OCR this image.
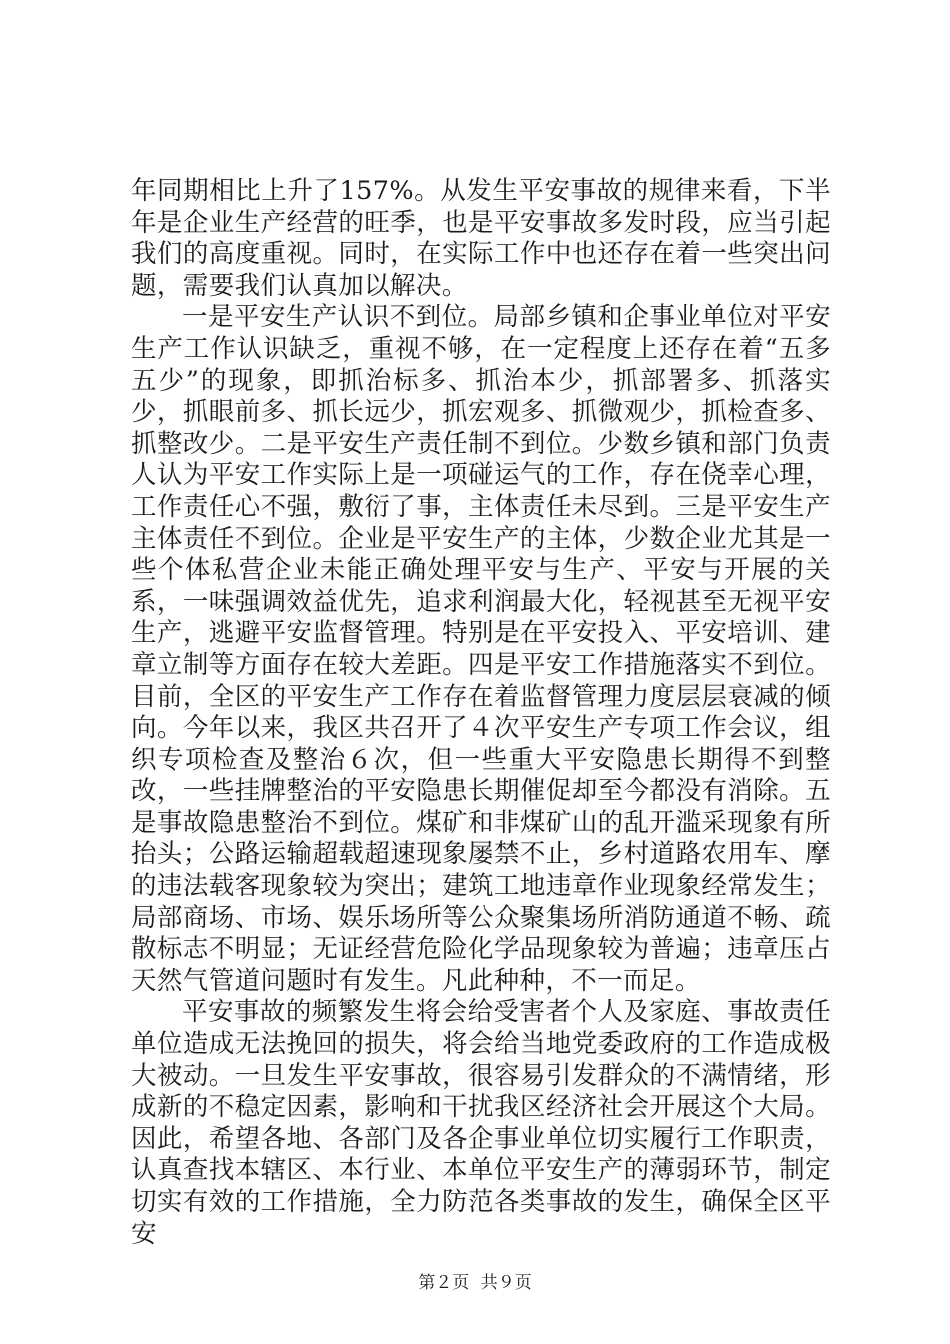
年同期相比上升了157%。从发生平安事故的规律来看，下半年是企业生产经营的旺季，也是平安事故多发时段，应当引起我们的高度重视。同时，在实际工作中也还存在着一些突出问题，需要我们认真加以解决。

一是平安生产认识不到位。局部乡镇和企事业单位对平安生产工作认识缺乏，重视不够，在一定程度上还存在着“五多五少”的现象，即抓治标多、抓治本少，抓部署多、抓落实少，抓眼前多、抓长远少，抓宏观多、抓微观少，抓检查多、抓整改少。二是平安生产责任制不到位。少数乡镇和部门负责人认为平安工作实际上是一项碰运气的工作，存在侥幸心理，工作责任心不强，敷衍了事，主体责任未尽到。三是平安生产主体责任不到位。企业是平安生产的主体，少数企业尤其是一些个体私营企业未能正确处理平安与生产、平安与开展的关系，一味强调效益优先，追求利润最大化，轻视甚至无视平安生产，逃避平安监督管理。特别是在平安投入、平安培训、建章立制等方面存在较大差距。四是平安工作措施落实不到位。目前，全区的平安生产工作存在着监督管理力度层层衰减的倾向。今年以来，我区共召开了４次平安生产专项工作会议，组织专项检查及整治６次，但一些重大平安隐患长期得不到整改，一些挂牌整治的平安隐患长期催促却至今都没有消除。五是事故隐患整治不到位。煤矿和非煤矿山的乱开滥采现象有所抬头；公路运输超载超速现象屡禁不止，乡村道路农用车、摩的违法载客现象较为突出；建筑工地违章作业现象经常发生；局部商场、市场、娱乐场所等公众聚集场所消防通道不畅、疏散标志不明显；无证经营危险化学品现象较为普遍；违章压占天然气管道问题时有发生。凡此种种，不一而足。

平安事故的频繁发生将会给受害者个人及家庭、事故责任单位造成无法挽回的损失，将会给当地党委政府的工作造成极大被动。一旦发生平安事故，很容易引发群众的不满情绪，形成新的不稳定因素，影响和干扰我区经济社会开展这个大局。因此，希望各地、各部门及各企事业单位切实履行工作职责，认真查找本辖区、本行业、本单位平安生产的薄弱环节，制定切实有效的工作措施，全力防范各类事故的发生，确保全区平安

第２页 共９页
